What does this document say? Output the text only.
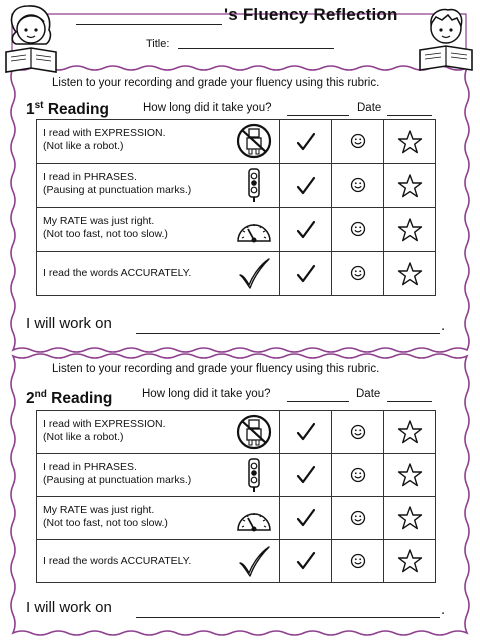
's Fluency Reflection
Title:
Listen to your recording and grade your fluency using this rubric.
1st Reading	How long did it take you?	Date
I read with EXPRESSION.
(Not like a robot.)

I read in PHRASES.
(Pausing at punctuation marks.)

My RATE was just right.
(Not too fast, not too slow.)

I read the words ACCURATELY.

I will work on	.
Listen to your recording and grade your fluency using this rubric.
2nd Reading	How long did it take you?	Date
I read with EXPRESSION.
(Not like a robot.)

I read in PHRASES.
(Pausing at punctuation marks.)

My RATE was just right.
(Not too fast, not too slow.)

I read the words ACCURATELY.

I will work on	.
